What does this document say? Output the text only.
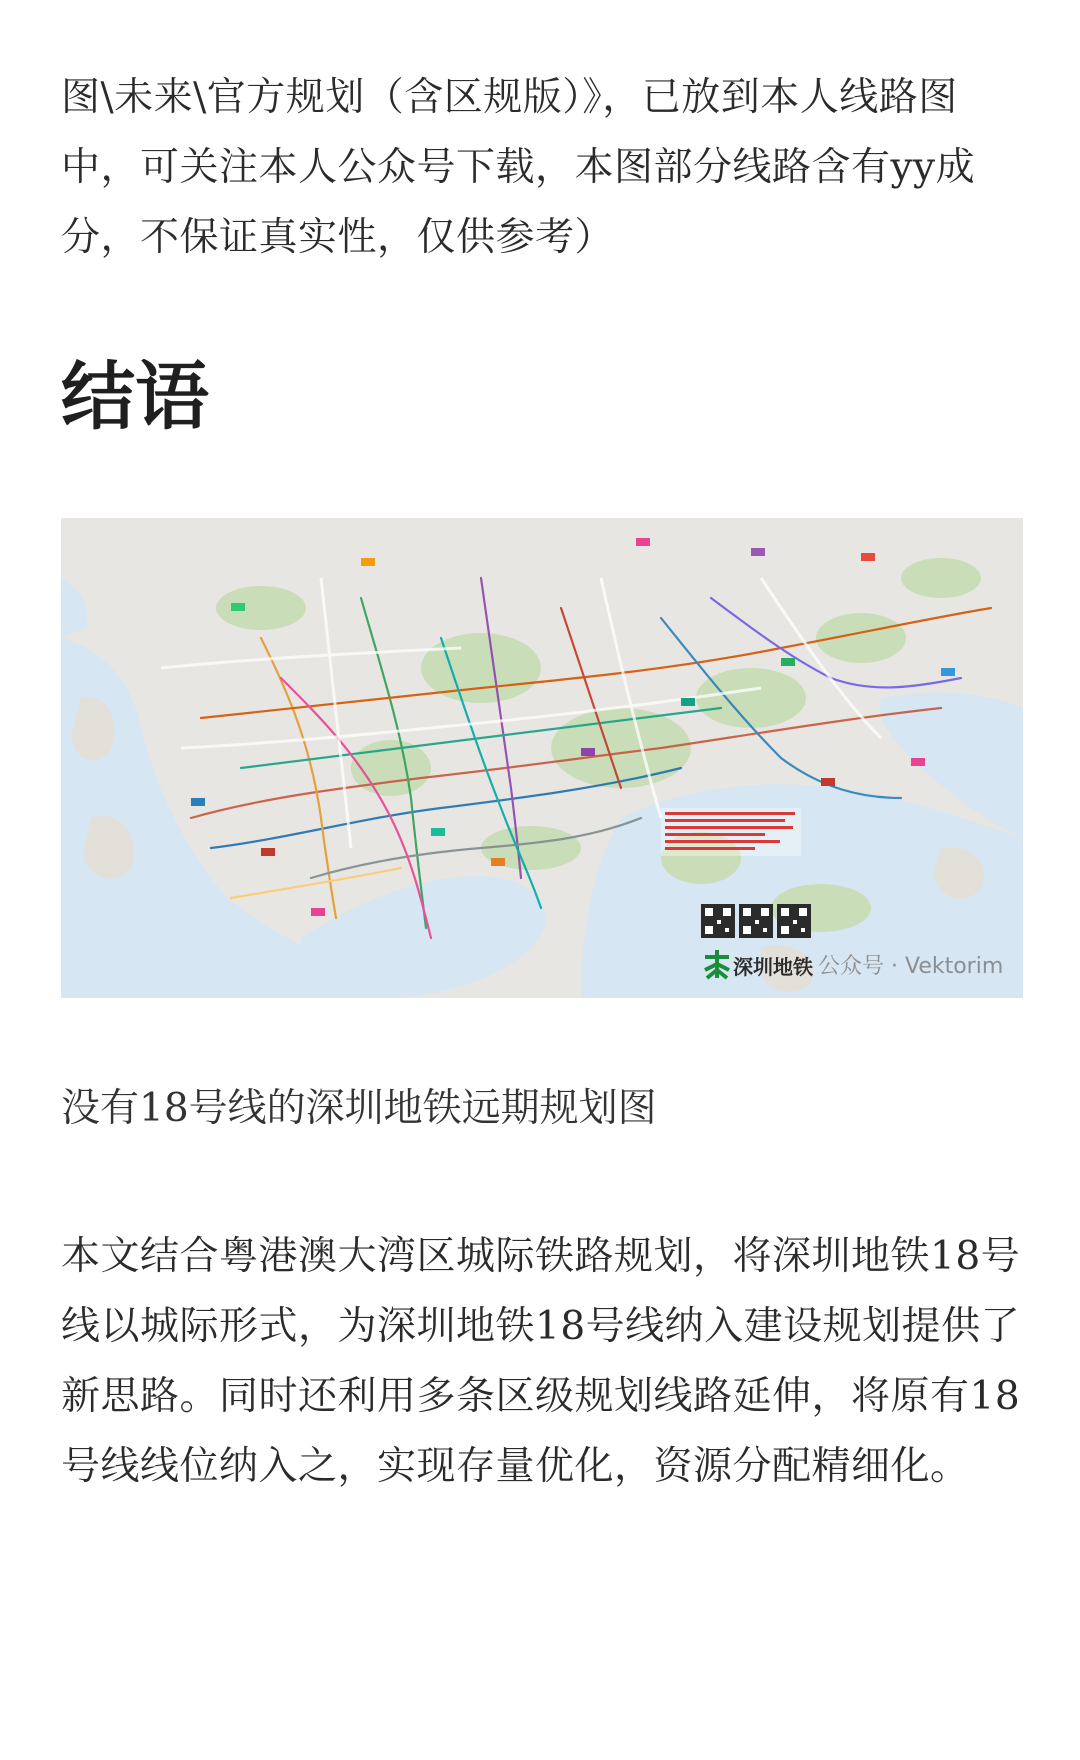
图\未来\官方规划（含区规版）》，已放到本人线路图中，可关注本人公众号下载，本图部分线路含有yy成分，不保证真实性，仅供参考）

结语
深圳地铁 公众号 · Vektorim

没有18号线的深圳地铁远期规划图

本文结合粤港澳大湾区城际铁路规划，将深圳地铁18号线以城际形式，为深圳地铁18号线纳入建设规划提供了新思路。同时还利用多条区级规划线路延伸，将原有18号线线位纳入之，实现存量优化，资源分配精细化。
